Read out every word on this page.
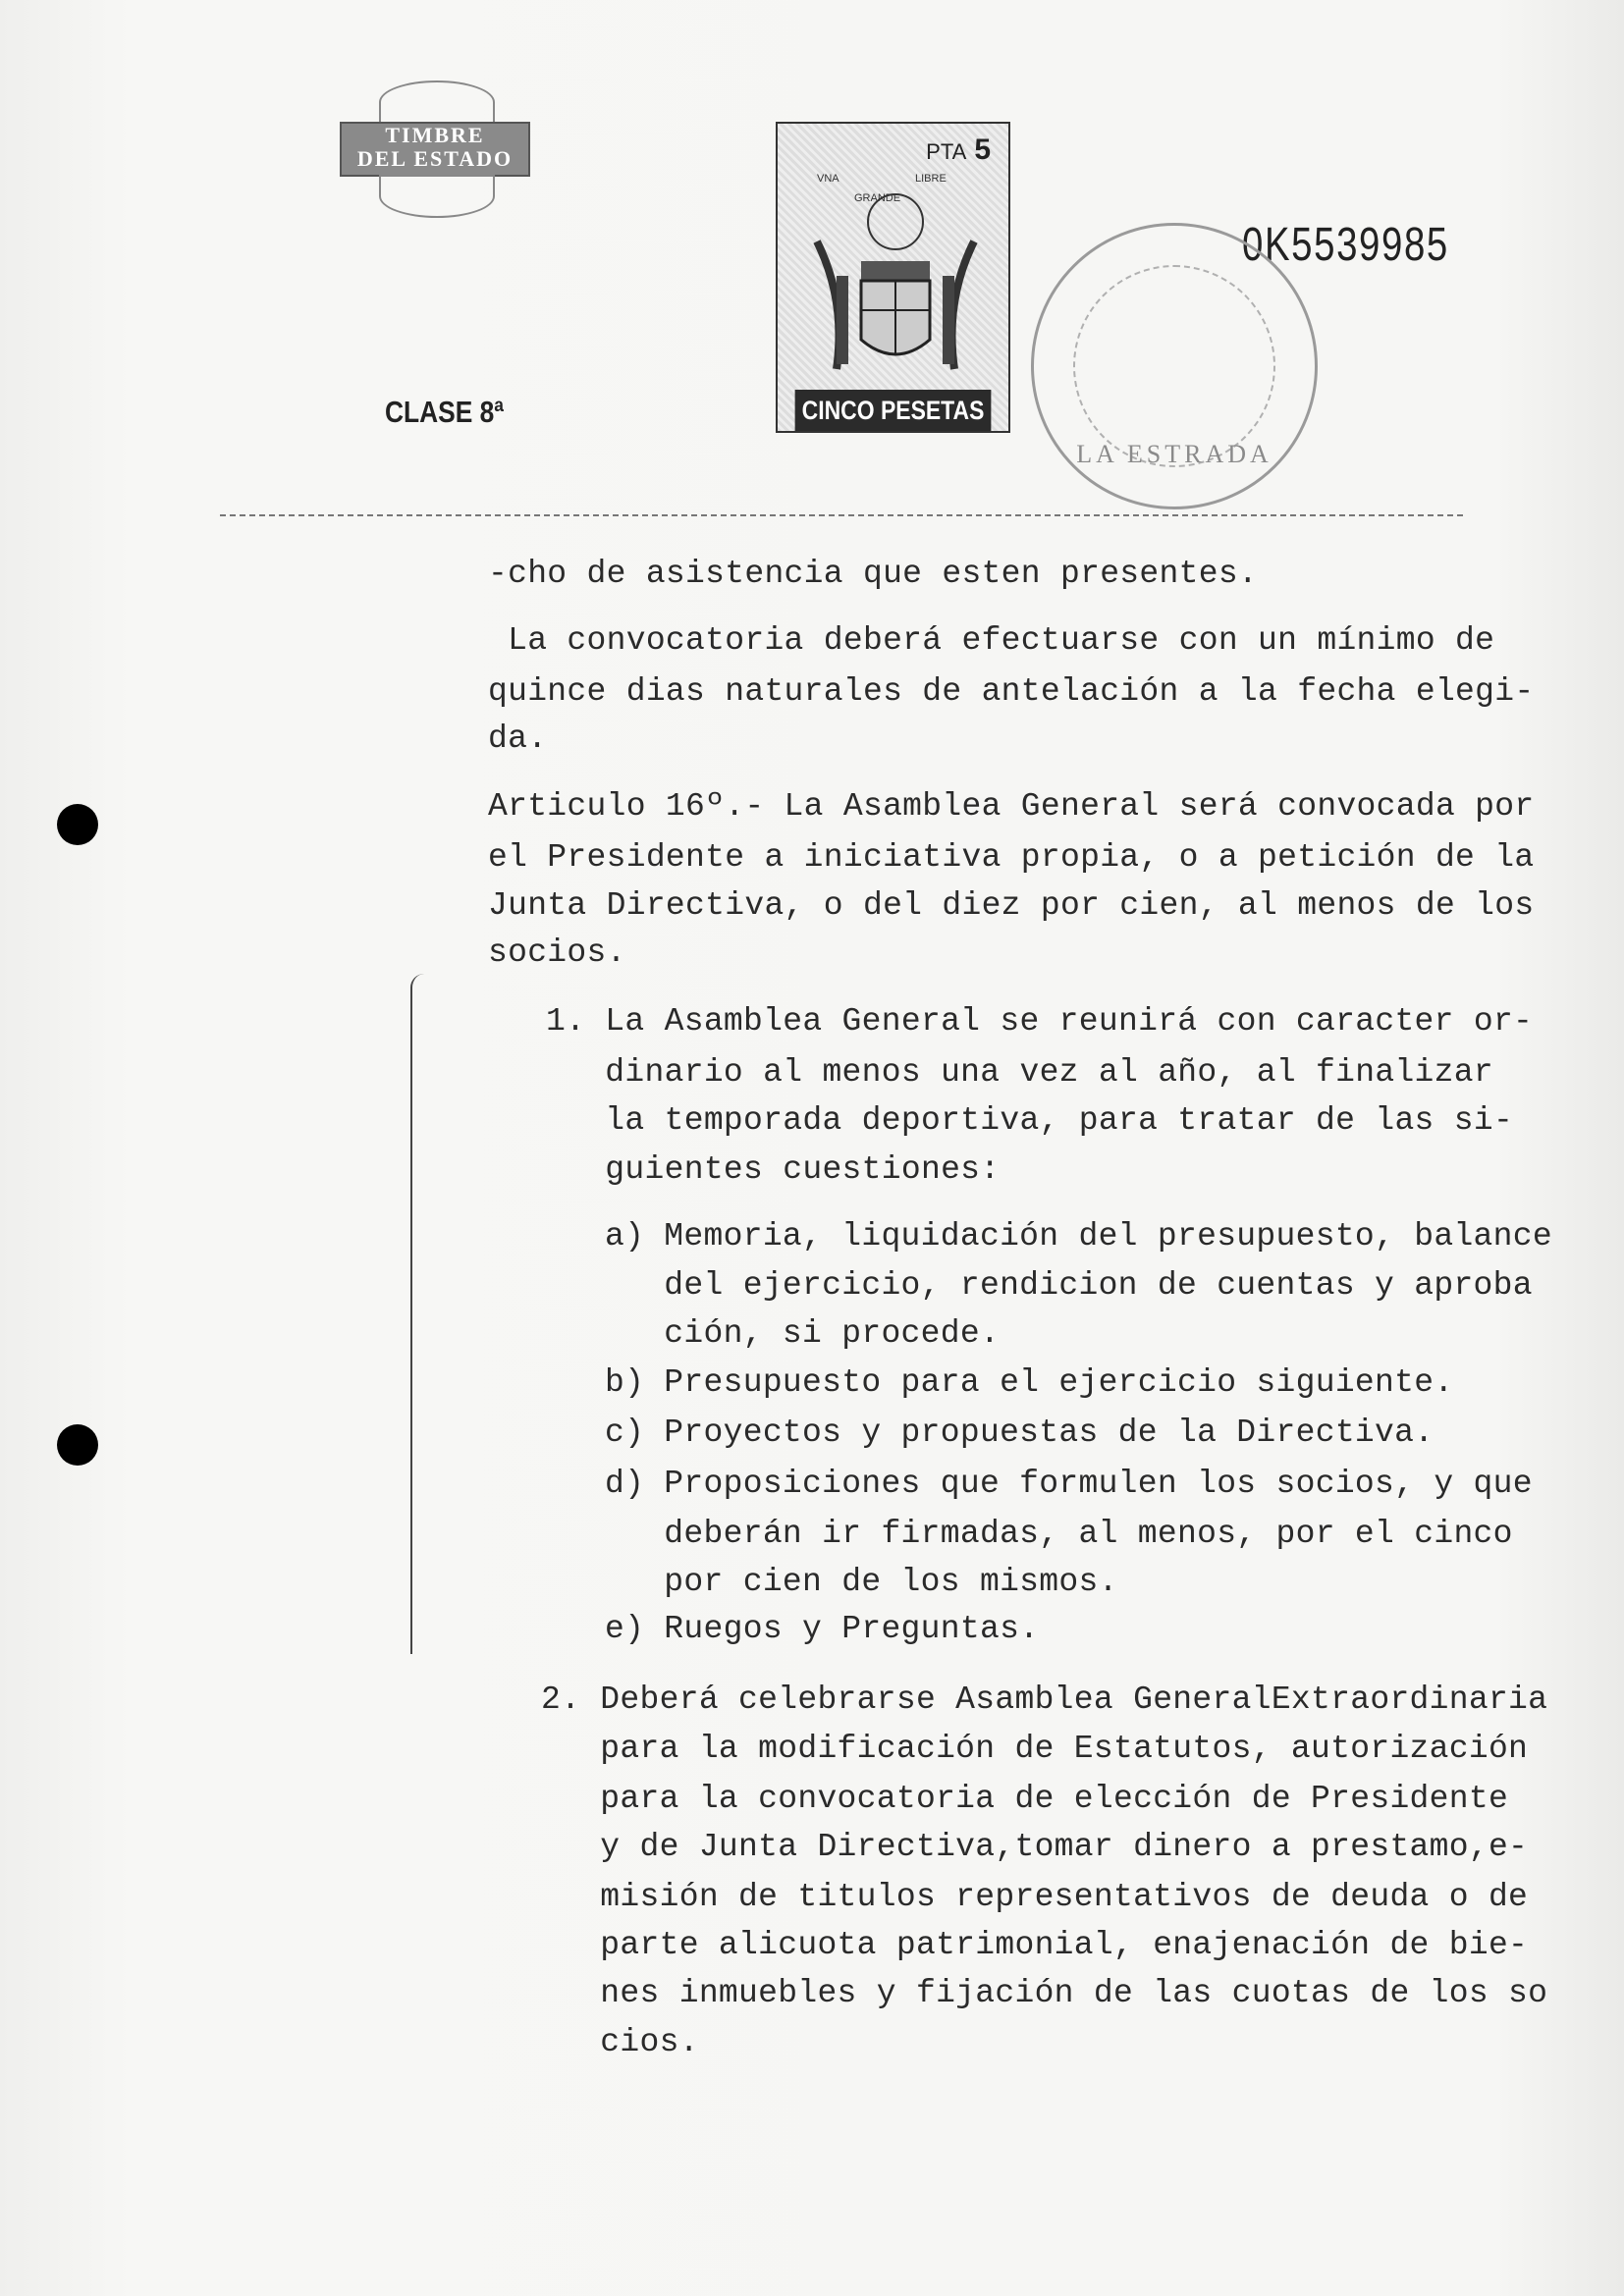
TIMBRE
DEL ESTADO	PTA 5
VNA
GRANDE
LIBRE
CINCO PESETAS
0K5539985
CLASE 8ª
LA ESTRADA
-cho de asistencia que esten presentes.
La convocatoria deberá efectuarse con un mínimo de
quince dias naturales de antelación a la fecha elegi-
da.
Articulo 16º.- La Asamblea General será convocada por
el Presidente a iniciativa propia, o a petición de la
Junta Directiva, o del diez por cien, al menos de los
socios.
1. La Asamblea General se reunirá con caracter or-
dinario al menos una vez al año, al finalizar
la temporada deportiva, para tratar de las si-
guientes cuestiones:
a) Memoria, liquidación del presupuesto, balance
del ejercicio, rendicion de cuentas y aproba
ción, si procede.
b) Presupuesto para el ejercicio siguiente.
c) Proyectos y propuestas de la Directiva.
d) Proposiciones que formulen los socios, y que
deberán ir firmadas, al menos, por el cinco
por cien de los mismos.
e) Ruegos y Preguntas.
2. Deberá celebrarse Asamblea GeneralExtraordinaria
para la modificación de Estatutos, autorización
para la convocatoria de elección de Presidente
y de Junta Directiva,tomar dinero a prestamo,e-
misión de titulos representativos de deuda o de
parte alicuota patrimonial, enajenación de bie-
nes inmuebles y fijación de las cuotas de los so
cios.
